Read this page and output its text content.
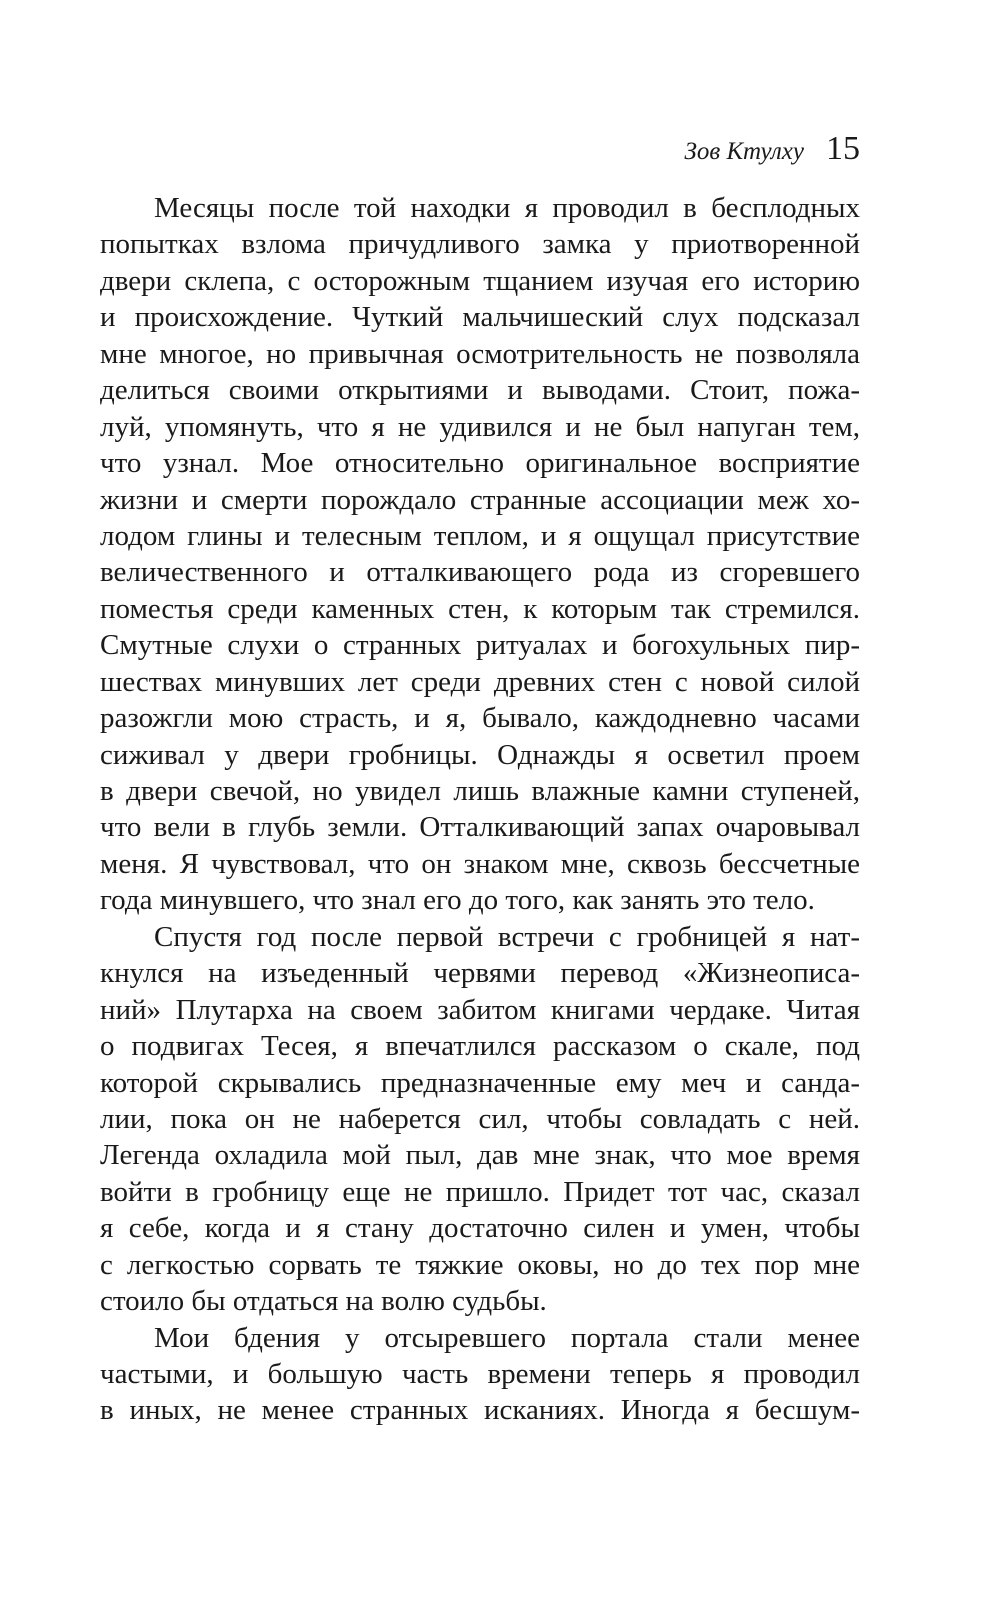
Зов Ктулху 15
Месяцы после той находки я проводил в бесплодных
попытках взлома причудливого замка у приотворенной
двери склепа, с осторожным тщанием изучая его историю
и происхождение. Чуткий мальчишеский слух подсказал
мне многое, но привычная осмотрительность не позволяла
делиться своими открытиями и выводами. Стоит, пожа-
луй, упомянуть, что я не удивился и не был напуган тем,
что узнал. Мое относительно оригинальное восприятие
жизни и смерти порождало странные ассоциации меж хо-
лодом глины и телесным теплом, и я ощущал присутствие
величественного и отталкивающего рода из сгоревшего
поместья среди каменных стен, к которым так стремился.
Смутные слухи о странных ритуалах и богохульных пир-
шествах минувших лет среди древних стен с новой силой
разожгли мою страсть, и я, бывало, каждодневно часами
сиживал у двери гробницы. Однажды я осветил проем
в двери свечой, но увидел лишь влажные камни ступеней,
что вели в глубь земли. Отталкивающий запах очаровывал
меня. Я чувствовал, что он знаком мне, сквозь бессчетные
года минувшего, что знал его до того, как занять это тело.
Спустя год после первой встречи с гробницей я нат-
кнулся на изъеденный червями перевод «Жизнеописа-
ний» Плутарха на своем забитом книгами чердаке. Читая
о подвигах Тесея, я впечатлился рассказом о скале, под
которой скрывались предназначенные ему меч и санда-
лии, пока он не наберется сил, чтобы совладать с ней.
Легенда охладила мой пыл, дав мне знак, что мое время
войти в гробницу еще не пришло. Придет тот час, сказал
я себе, когда и я стану достаточно силен и умен, чтобы
с легкостью сорвать те тяжкие оковы, но до тех пор мне
стоило бы отдаться на волю судьбы.
Мои бдения у отсыревшего портала стали менее
частыми, и большую часть времени теперь я проводил
в иных, не менее странных исканиях. Иногда я бесшум-
